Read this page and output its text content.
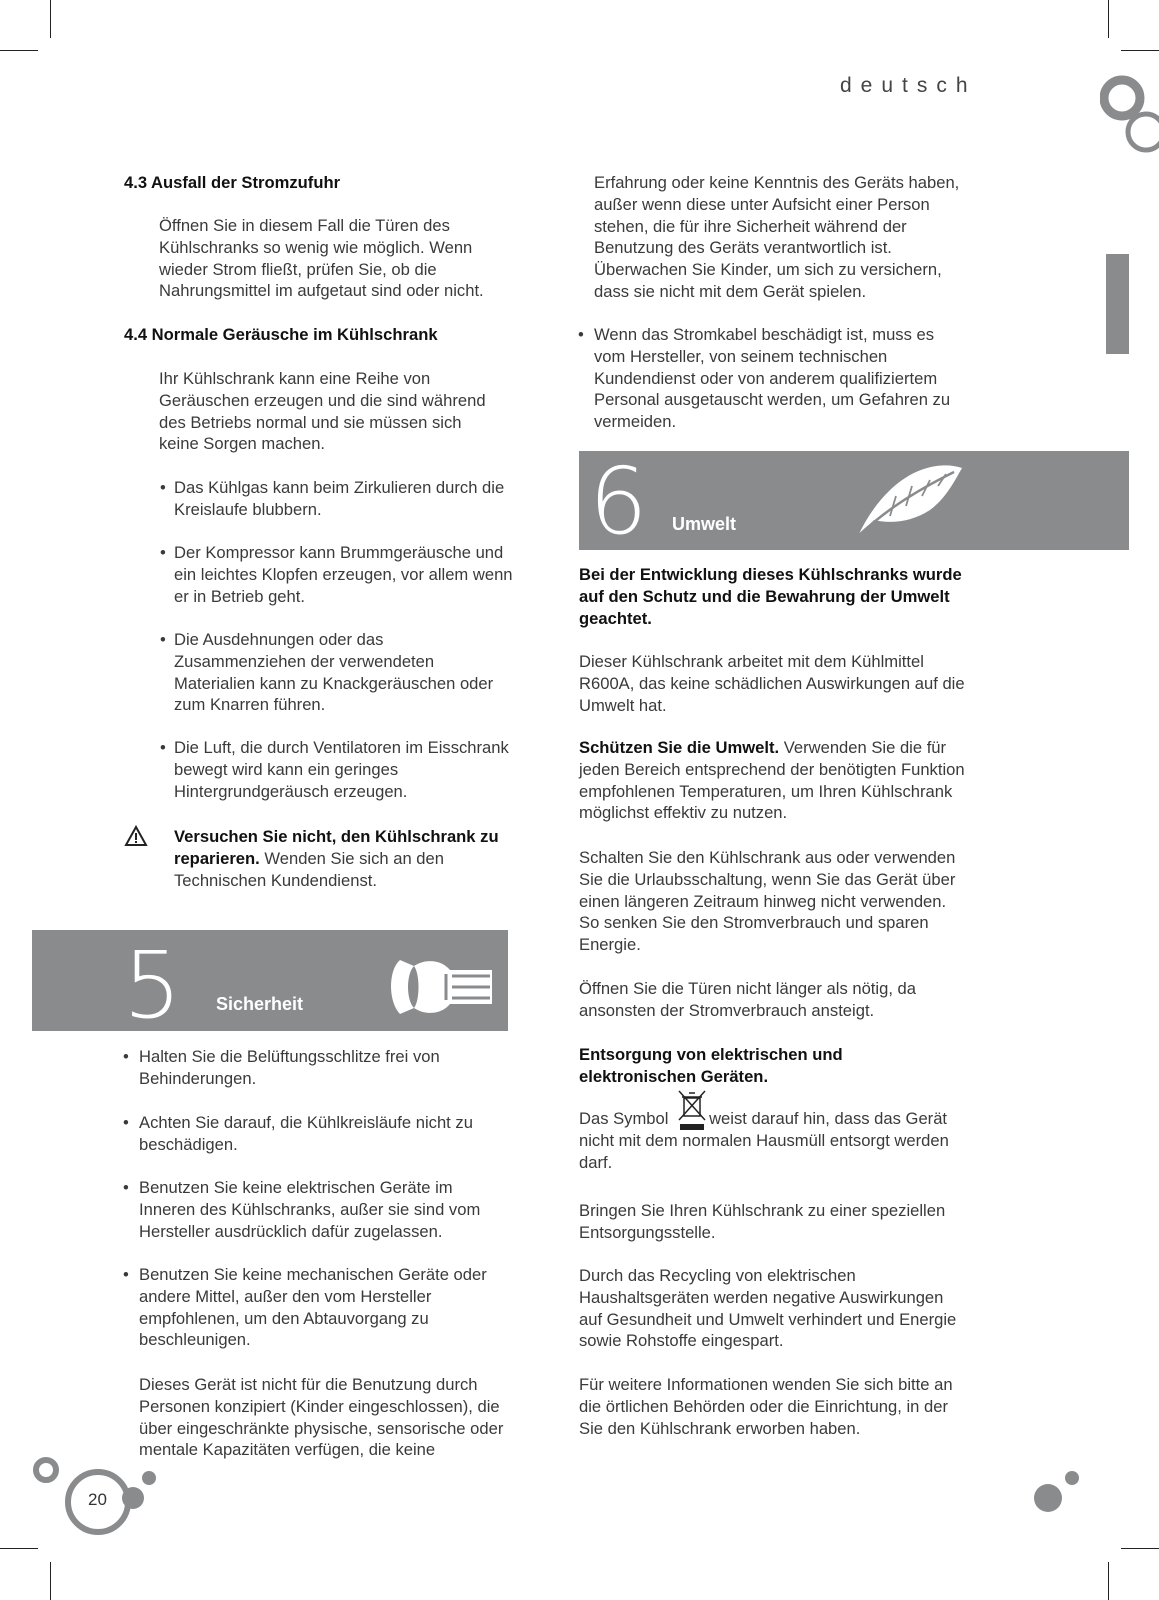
deutsch
4.3 Ausfall der Stromzufuhr

Öffnen Sie in diesem Fall die Türen des Kühlschranks so wenig wie möglich. Wenn wieder Strom fließt, prüfen Sie, ob die Nahrungsmittel im aufgetaut sind oder nicht.

4.4 Normale Geräusche im Kühlschrank

Ihr Kühlschrank kann eine Reihe von Geräuschen erzeugen und die sind während des Betriebs normal und sie müssen sich keine Sorgen machen.

• Das Kühlgas kann beim Zirkulieren durch die Kreislaufe blubbern.

• Der Kompressor kann Brummgeräusche und ein leichtes Klopfen erzeugen, vor allem wenn er in Betrieb geht.

• Die Ausdehnungen oder das Zusammenziehen der verwendeten Materialien kann zu Knackgeräuschen oder zum Knarren führen.

• Die Luft, die durch Ventilatoren im Eisschrank bewegt wird kann ein geringes Hintergrundgeräusch erzeugen.

Versuchen Sie nicht, den Kühlschrank zu reparieren. Wenden Sie sich an den Technischen Kundendienst.

5 Sicherheit
• Halten Sie die Belüftungsschlitze frei von Behinderungen.

• Achten Sie darauf, die Kühlkreisläufe nicht zu beschädigen.

• Benutzen Sie keine elektrischen Geräte im Inneren des Kühlschranks, außer sie sind vom Hersteller ausdrücklich dafür zugelassen.

• Benutzen Sie keine mechanischen Geräte oder andere Mittel, außer den vom Hersteller empfohlenen, um den Abtauvorgang zu beschleunigen.

Dieses Gerät ist nicht für die Benutzung durch Personen konzipiert (Kinder eingeschlossen), die über eingeschränkte physische, sensorische oder mentale Kapazitäten verfügen, die keine

20

Erfahrung oder keine Kenntnis des Geräts haben, außer wenn diese unter Aufsicht einer Person stehen, die für ihre Sicherheit während der Benutzung des Geräts verantwortlich ist. Überwachen Sie Kinder, um sich zu versichern, dass sie nicht mit dem Gerät spielen.

• Wenn das Stromkabel beschädigt ist, muss es vom Hersteller, von seinem technischen Kundendienst oder von anderem qualifiziertem Personal ausgetauscht werden, um Gefahren zu vermeiden.

6 Umwelt

Bei der Entwicklung dieses Kühlschranks wurde auf den Schutz und die Bewahrung der Umwelt geachtet.

Dieser Kühlschrank arbeitet mit dem Kühlmittel R600A, das keine schädlichen Auswirkungen auf die Umwelt hat.

Schützen Sie die Umwelt. Verwenden Sie die für jeden Bereich entsprechend der benötigten Funktion empfohlenen Temperaturen, um Ihren Kühlschrank möglichst effektiv zu nutzen.

Schalten Sie den Kühlschrank aus oder verwenden Sie die Urlaubsschaltung, wenn Sie das Gerät über einen längeren Zeitraum hinweg nicht verwenden. So senken Sie den Stromverbrauch und sparen Energie.

Öffnen Sie die Türen nicht länger als nötig, da ansonsten der Stromverbrauch ansteigt.

Entsorgung von elektrischen und elektronischen Geräten.

Das Symbol weist darauf hin, dass das Gerät nicht mit dem normalen Hausmüll entsorgt werden darf.

Bringen Sie Ihren Kühlschrank zu einer speziellen Entsorgungsstelle.

Durch das Recycling von elektrischen Haushaltsgeräten werden negative Auswirkungen auf Gesundheit und Umwelt verhindert und Energie sowie Rohstoffe eingespart.

Für weitere Informationen wenden Sie sich bitte an die örtlichen Behörden oder die Einrichtung, in der Sie den Kühlschrank erworben haben.
